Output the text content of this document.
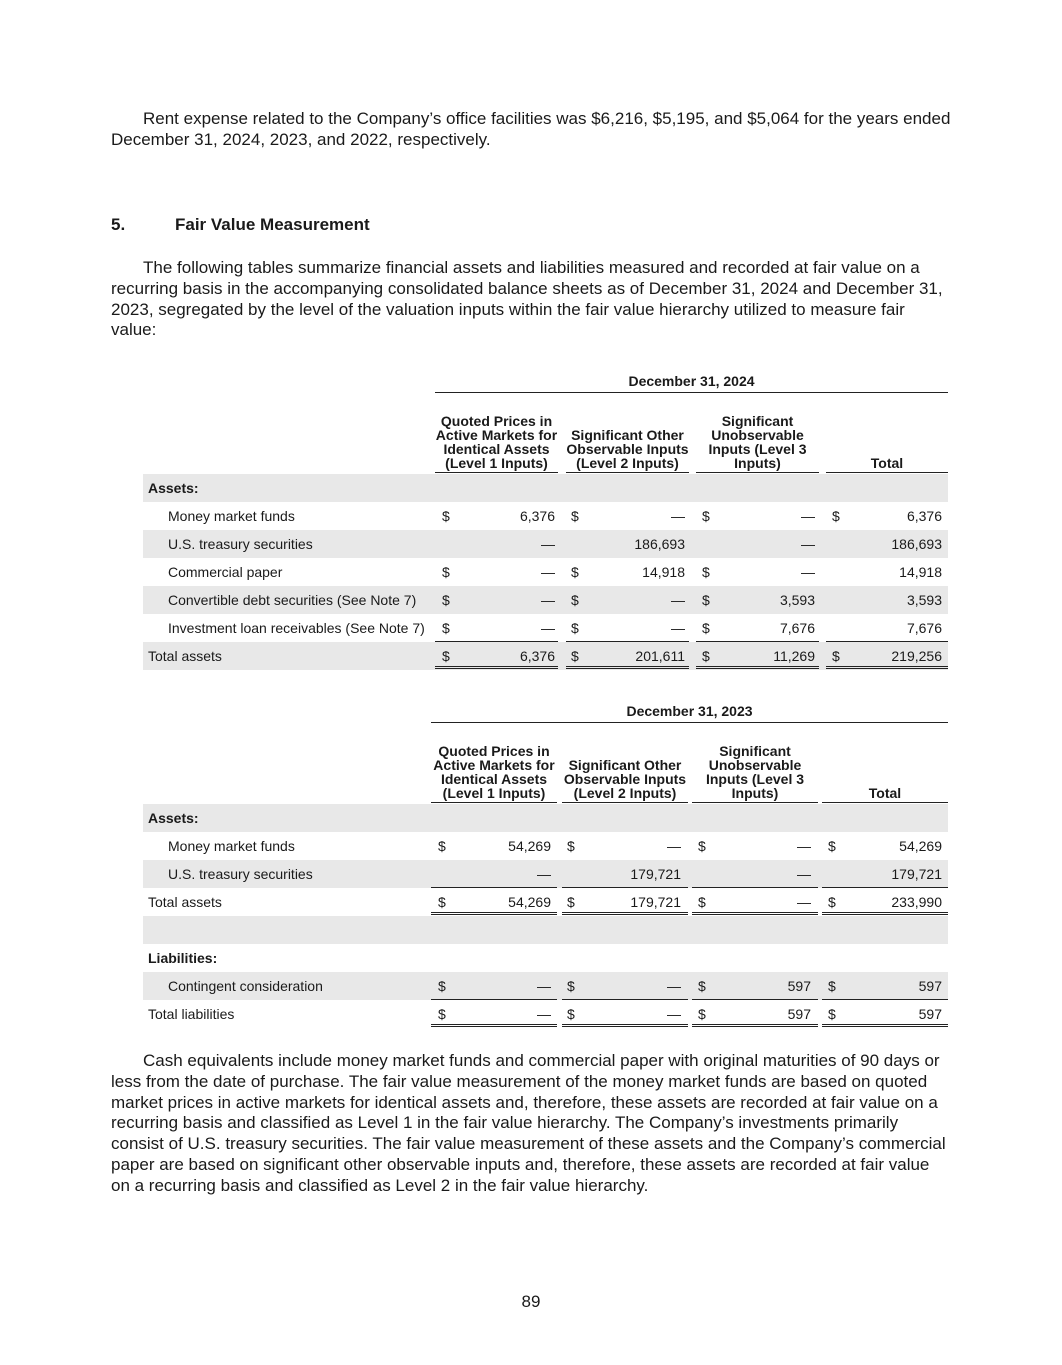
Rent expense related to the Company’s office facilities was $6,216, $5,195, and $5,064 for the years ended December 31, 2024, 2023, and 2022, respectively.

5.	Fair Value Measurement

The following tables summarize financial assets and liabilities measured and recorded at fair value on a recurring basis in the accompanying consolidated balance sheets as of December 31, 2024 and December 31, 2023, segregated by the level of the valuation inputs within the fair value hierarchy utilized to measure fair value:

December 31, 2024
Quoted Prices in Active Markets for Identical Assets (Level 1 Inputs)
Significant Other Observable Inputs (Level 2 Inputs)
Significant Unobservable Inputs (Level 3 Inputs)	Total
Assets:
Money market funds	$	6,376 $	— $	— $	6,376
U.S. treasury securities	—	186,693	—	186,693
Commercial paper	$	— $	14,918 $	—	14,918
Convertible debt securities (See Note 7) $	— $	— $	3,593	3,593
Investment loan receivables (See Note 7) $	— $	— $	7,676	7,676
Total assets	$	6,376 $	201,611 $	11,269 $	219,256
December 31, 2023
Quoted Prices in Active Markets for Identical Assets (Level 1 Inputs)
Significant Other Observable Inputs (Level 2 Inputs)
Significant Unobservable Inputs (Level 3 Inputs)	Total
Assets:
Money market funds	$	54,269 $	— $	— $	54,269
U.S. treasury securities	—	179,721	—	179,721
Total assets	$	54,269 $	179,721 $	— $	233,990
Liabilities:
Contingent consideration	$	— $	— $	597 $	597
Total liabilities	$	— $	— $	597 $	597

Cash equivalents include money market funds and commercial paper with original maturities of 90 days or less from the date of purchase. The fair value measurement of the money market funds are based on quoted market prices in active markets for identical assets and, therefore, these assets are recorded at fair value on a recurring basis and classified as Level 1 in the fair value hierarchy. The Company’s investments primarily consist of U.S. treasury securities. The fair value measurement of these assets and the Company’s commercial paper are based on significant other observable inputs and, therefore, these assets are recorded at fair value on a recurring basis and classified as Level 2 in the fair value hierarchy.

89
